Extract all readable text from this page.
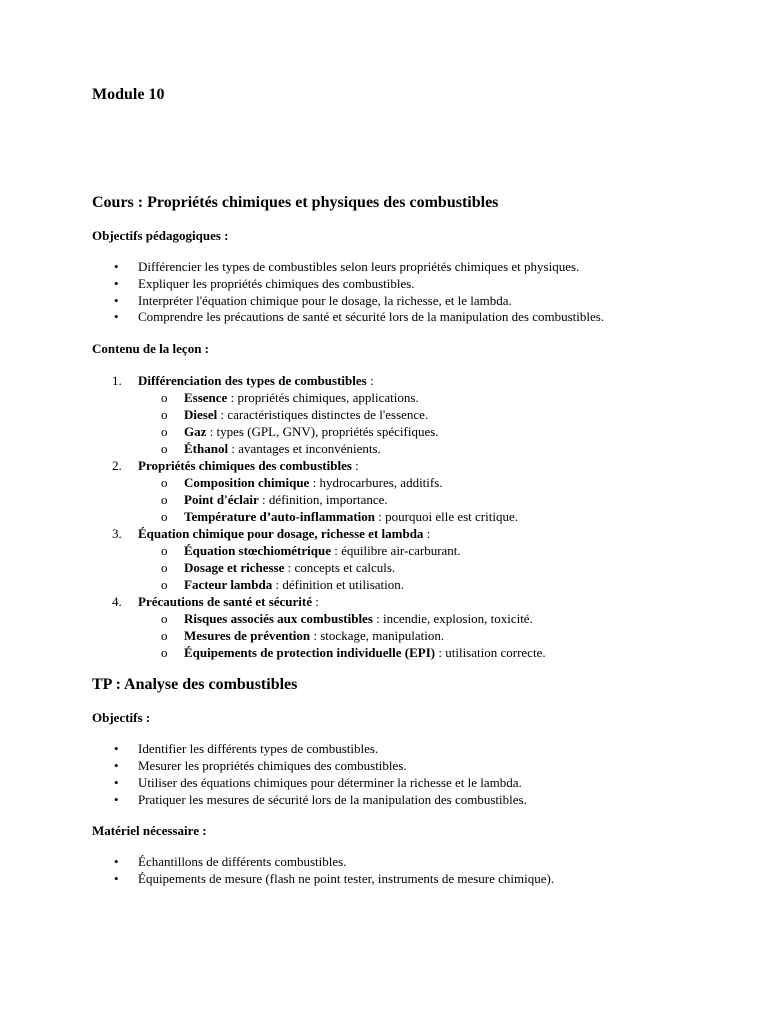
Module 10
Cours : Propriétés chimiques et physiques des combustibles

Objectifs pédagogiques :

• Différencier les types de combustibles selon leurs propriétés chimiques et physiques.
• Expliquer les propriétés chimiques des combustibles.
• Interpréter l'équation chimique pour le dosage, la richesse, et le lambda.
• Comprendre les précautions de santé et sécurité lors de la manipulation des combustibles.

Contenu de la leçon :

1. Différenciation des types de combustibles :
o Essence : propriétés chimiques, applications.
o Diesel : caractéristiques distinctes de l'essence.
o Gaz : types (GPL, GNV), propriétés spécifiques.
o Éthanol : avantages et inconvénients.
2. Propriétés chimiques des combustibles :
o Composition chimique : hydrocarbures, additifs.
o Point d'éclair : définition, importance.
o Température d’auto-inflammation : pourquoi elle est critique.
3. Équation chimique pour dosage, richesse et lambda :
o Équation stœchiométrique : équilibre air-carburant.
o Dosage et richesse : concepts et calculs.
o Facteur lambda : définition et utilisation.
4. Précautions de santé et sécurité :
o Risques associés aux combustibles : incendie, explosion, toxicité.
o Mesures de prévention : stockage, manipulation.
o Équipements de protection individuelle (EPI) : utilisation correcte.
TP : Analyse des combustibles

Objectifs :

• Identifier les différents types de combustibles.
• Mesurer les propriétés chimiques des combustibles.
• Utiliser des équations chimiques pour déterminer la richesse et le lambda.
• Pratiquer les mesures de sécurité lors de la manipulation des combustibles.

Matériel nécessaire :

• Échantillons de différents combustibles.
• Équipements de mesure (flash ne point tester, instruments de mesure chimique).
